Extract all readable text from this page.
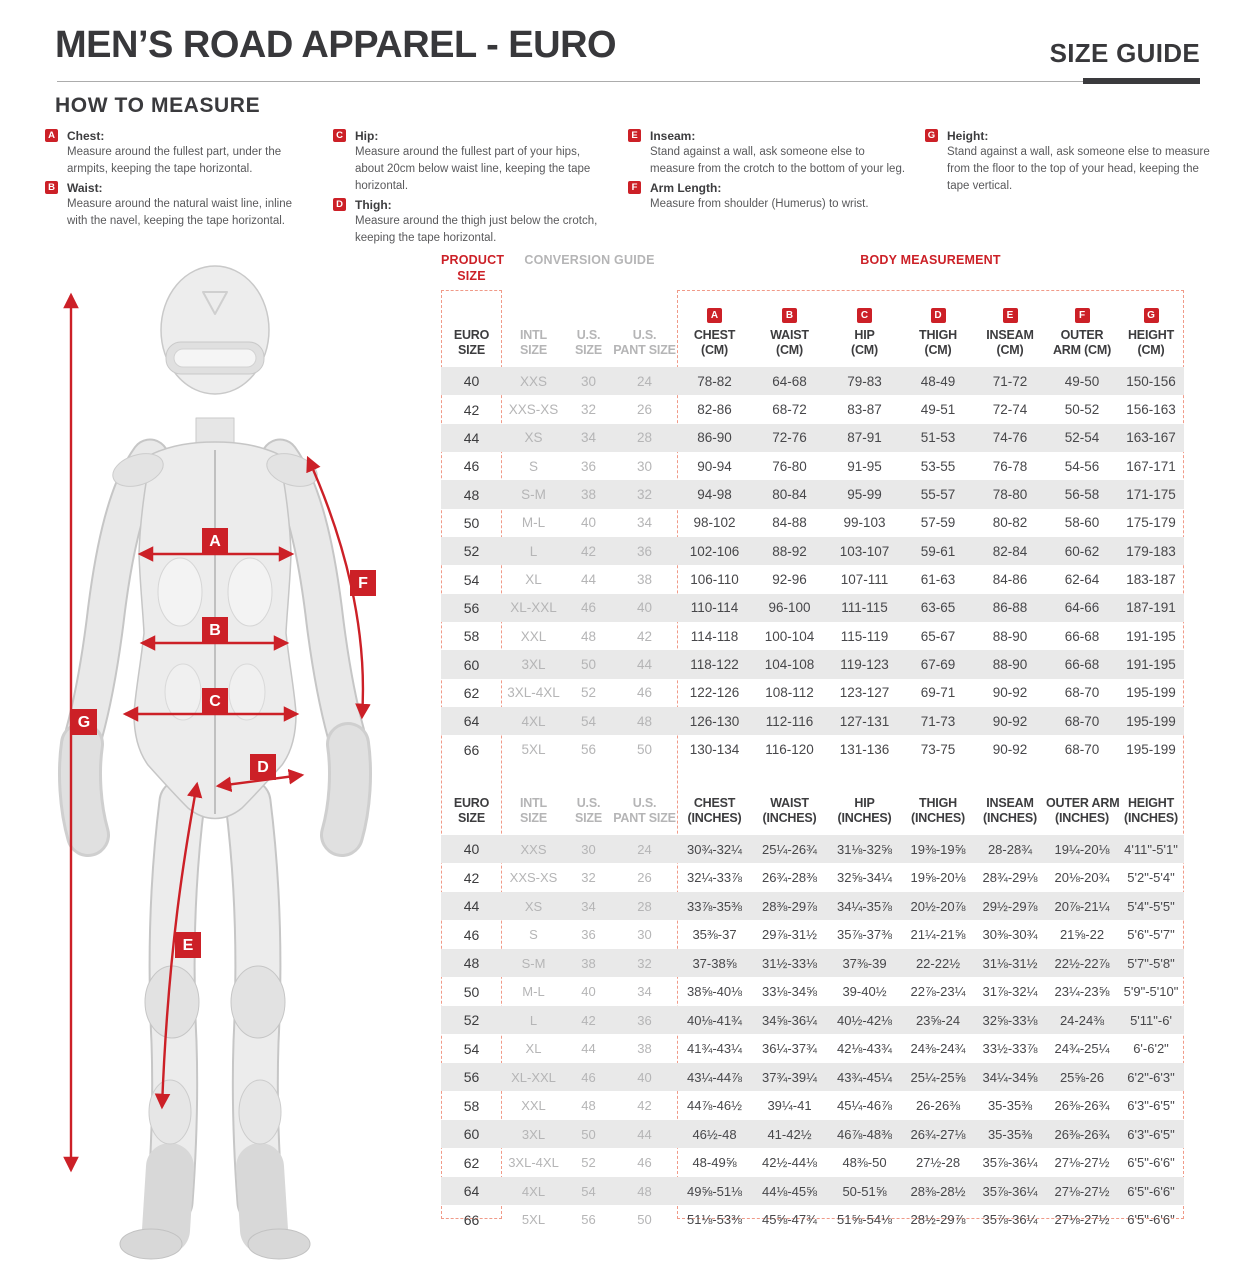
MEN’S ROAD APPAREL - EURO	SIZE GUIDE
HOW TO MEASURE
A Chest:
Measure around the fullest part, under the armpits, keeping the tape horizontal.
B Waist:
Measure around the natural waist line, inline with the navel, keeping the tape horizontal.
C Hip:
Measure around the fullest part of your hips, about 20cm below waist line, keeping the tape horizontal.
D Thigh:
Measure around the thigh just below the crotch, keeping the tape horizontal.
E Inseam:
Stand against a wall, ask someone else to measure from the crotch to the bottom of your leg.
F Arm Length:
Measure from shoulder (Humerus) to wrist.
G Height:
Stand against a wall, ask someone else to measure from the floor to the top of your head, keeping the tape vertical.
A
B
C
D
E
F
G
PRODUCT SIZE
CONVERSION GUIDE	BODY MEASUREMENT
EURO
SIZE

INTL
SIZE

U.S.
SIZE

U.S.
PANT SIZE

A
CHEST
(CM)

B
WAIST
(CM)

C
HIP
(CM)

D
THIGH
(CM)

E
INSEAM
(CM)

F
OUTER
ARM (CM)

G
HEIGHT
(CM)

40	XXS	30	24	78-82	64-68	79-83	48-49	71-72	49-50	150-156
42	XXS-XS	32	26	82-86	68-72	83-87	49-51	72-74	50-52	156-163
44	XS	34	28	86-90	72-76	87-91	51-53	74-76	52-54	163-167
46	S	36	30	90-94	76-80	91-95	53-55	76-78	54-56	167-171
48	S-M	38	32	94-98	80-84	95-99	55-57	78-80	56-58	171-175
50	M-L	40	34	98-102	84-88	99-103	57-59	80-82	58-60	175-179
52	L	42	36	102-106	88-92	103-107	59-61	82-84	60-62	179-183
54	XL	44	38	106-110	92-96	107-111	61-63	84-86	62-64	183-187
56	XL-XXL	46	40	110-114	96-100	111-115	63-65	86-88	64-66	187-191
58	XXL	48	42	114-118	100-104	115-119	65-67	88-90	66-68	191-195
60	3XL	50	44	118-122	104-108	119-123	67-69	88-90	66-68	191-195
62	3XL-4XL	52	46	122-126	108-112	123-127	69-71	90-92	68-70	195-199
64	4XL	54	48	126-130	112-116	127-131	71-73	90-92	68-70	195-199
66	5XL	56	50	130-134	116-120	131-136	73-75	90-92	68-70	195-199

EURO
SIZE

INTL
SIZE

U.S.
SIZE

U.S.
PANT SIZE

CHEST
(INCHES)

WAIST
(INCHES)

HIP
(INCHES)

THIGH
(INCHES)

INSEAM
(INCHES)

OUTER ARM
(INCHES)

HEIGHT
(INCHES)

40	XXS	30	24	30¾-32¼	25¼-26¾	31⅛-32⅝	19⅜-19⅝	28-28¾	19¼-20⅛	4'11"-5'1"
42	XXS-XS	32	26	32¼-33⅞	26¾-28⅜	32⅝-34¼	19⅝-20⅛	28¾-29⅛	20⅛-20¾	5'2"-5'4"
44	XS	34	28	33⅞-35⅜	28⅜-29⅞	34¼-35⅞	20½-20⅞	29½-29⅞	20⅞-21¼	5'4"-5'5"
46	S	36	30	35⅜-37	29⅞-31½	35⅞-37⅜	21¼-21⅝	30⅜-30¾	21⅝-22	5'6"-5'7"
48	S-M	38	32	37-38⅝	31½-33⅛	37⅜-39	22-22½	31⅛-31½	22½-22⅞	5'7"-5'8"
50	M-L	40	34	38⅝-40⅛	33⅛-34⅝	39-40½	22⅞-23¼	31⅞-32¼	23¼-23⅝	5'9"-5'10"
52	L	42	36	40⅛-41¾	34⅝-36¼	40½-42⅛	23⅝-24	32⅝-33⅛	24-24⅜	5'11"-6'
54	XL	44	38	41¾-43¼	36¼-37¾	42⅛-43¾	24⅜-24¾	33½-33⅞	24¾-25¼	6'-6'2"
56	XL-XXL	46	40	43¼-44⅞	37¾-39¼	43¾-45¼	25¼-25⅝	34¼-34⅝	25⅝-26	6'2"-6'3"
58	XXL	48	42	44⅞-46½	39¼-41	45¼-46⅞	26-26⅜	35-35⅜	26⅜-26¾	6'3"-6'5"
60	3XL	50	44	46½-48	41-42½	46⅞-48⅜	26¾-27⅛	35-35⅜	26⅜-26¾	6'3"-6'5"
62	3XL-4XL	52	46	48-49⅝	42½-44⅛	48⅜-50	27½-28	35⅞-36¼	27⅛-27½	6'5"-6'6"
64	4XL	54	48	49⅝-51⅛	44⅛-45⅝	50-51⅝	28⅜-28½	35⅞-36¼	27⅛-27½	6'5"-6'6"
66	5XL	56	50	51⅛-53⅜	45⅝-47¾	51⅝-54⅛	28½-29⅞	35⅞-36¼	27⅛-27½	6'5"-6'6"
